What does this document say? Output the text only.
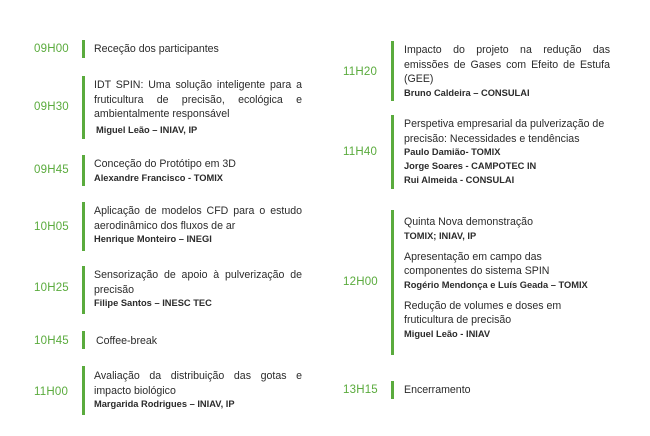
09H00 Receção dos participantes
09H30
IDT SPIN: Uma solução inteligente para a fruticultura de precisão, ecológica e ambientalmente responsável
Miguel Leão – INIAV, IP
09H45 Conceção do Protótipo em 3D
Alexandre Francisco - TOMIX
10H05
Aplicação de modelos CFD para o estudo aerodinâmico dos fluxos de ar
Henrique Monteiro – INEGI
10H25
Sensorização de apoio à pulverização de precisão
Filipe Santos – INESC TEC
10H45	Coffee-break
11H00
Avaliação da distribuição das gotas e impacto biológico
Margarida Rodrigues – INIAV, IP
11H20
Impacto do projeto na redução das emissões de Gases com Efeito de Estufa (GEE)
Bruno Caldeira – CONSULAI
11H40
Perspetiva empresarial da pulverização de precisão: Necessidades e tendências
Paulo Damião- TOMIX
Jorge Soares - CAMPOTEC IN
Rui Almeida - CONSULAI
12H00
Quinta Nova demonstração
TOMIX; INIAV, IP
Apresentação em campo das componentes do sistema SPIN
Rogério Mendonça e Luís Geada – TOMIX
Redução de volumes e doses em fruticultura de precisão
Miguel Leão - INIAV
13H15 Encerramento
